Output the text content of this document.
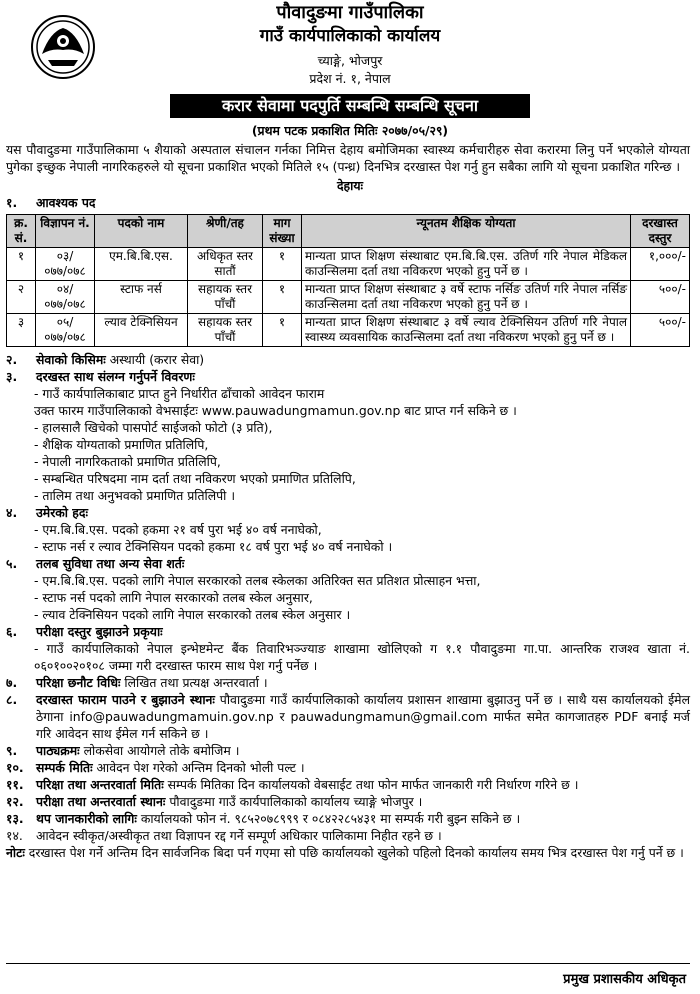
पौवादुङमा गाउँपालिका
गाउँ कार्यपालिकाको कार्यालय
च्याङ्गे, भोजपुर
प्रदेश नं. १, नेपाल
करार सेवामा पदपुर्ति सम्बन्धि सम्बन्धि सूचना
(प्रथम पटक प्रकाशित मितिः २०७७/०५/२९)
यस पौवादुङमा गाउँपालिकामा ५ शैयाको अस्पताल संचालन गर्नका निमित्त देहाय बमोजिमका स्वास्थ्य कर्मचारीहरु सेवा करारमा लिनु पर्ने भएकोले योग्यता पुगेका इच्छुक नेपाली नागरिकहरुले यो सूचना प्रकाशित भएको मितिले १५ (पन्ध्र) दिनभित्र दरखास्त पेश गर्नु हुन सबैका लागि यो सूचना प्रकाशित गरिन्छ ।
देहायः
१.	आवश्यक पद
क्र. सं.	विज्ञापन नं.	पदको नाम	श्रेणी/तह	माग संख्या	न्यूनतम शैक्षिक योग्यता	दरखास्त दस्तुर
१	०३/ ०७७/०७८	एम.बि.बि.एस.	अधिकृत स्तर सातौं	१	मान्यता प्राप्त शिक्षण संस्थाबाट एम.बि.बि.एस. उतिर्ण गरि नेपाल मेडिकल काउन्सिलमा दर्ता तथा नविकरण भएको हुनु पर्ने छ ।	१,०००/-
२	०४/ ०७७/०७८	स्टाफ नर्स	सहायक स्तर पाँचौं	१	मान्यता प्राप्त शिक्षण संस्थाबाट ३ वर्षे स्टाफ नर्सिङ उतिर्ण गरि नेपाल नर्सिङ काउन्सिलमा दर्ता तथा नविकरण भएको हुनु पर्ने छ ।	५००/-
३	०५/ ०७७/०७८	ल्याव टेक्निसियन	सहायक स्तर पाँचौं	१	मान्यता प्राप्त शिक्षण संस्थाबाट ३ वर्षे ल्याव टेक्निसियन उतिर्ण गरि नेपाल स्वास्थ्य व्यवसायिक काउन्सिलमा दर्ता तथा नविकरण भएको हुनु पर्ने छ ।	५००/-
२.	सेवाको किसिमः अस्थायी (करार सेवा)
३.	दरखस्त साथ संलग्न गर्नुपर्ने विवरणः
- गाउँ कार्यपालिकाबाट प्राप्त हुने निर्धारीत ढाँचाको आवेदन फाराम
उक्त फारम गाउँपालिकाको वेभसाईटः www.pauwadungmamun.gov.np बाट प्राप्त गर्न सकिने छ ।
- हालसालै खिचेको पासपोर्ट साईजको फोटो (३ प्रति),
- शैक्षिक योग्यताको प्रमाणित प्रतिलिपि,
- नेपाली नागरिकताको प्रमाणित प्रतिलिपि,
- सम्बन्धित परिषदमा नाम दर्ता तथा नविकरण भएको प्रमाणित प्रतिलिपि,
- तालिम तथा अनुभवको प्रमाणित प्रतिलिपी ।
४.	उमेरको हदः
- एम.बि.बि.एस. पदको हकमा २१ वर्ष पुरा भई ४० वर्ष ननाघेको,
- स्टाफ नर्स र ल्याव टेक्निसियन पदको हकमा १८ वर्ष पुरा भई ४० वर्ष ननाघेको ।
५.	तलब सुविधा तथा अन्य सेवा शर्तः
- एम.बि.बि.एस. पदको लागि नेपाल सरकारको तलब स्केलका अतिरिक्त सत प्रतिशत प्रोत्साहन भत्ता,
- स्टाफ नर्स पदको लागि नेपाल सरकारको तलब स्केल अनुसार,
- ल्याव टेक्निसियन पदको लागि नेपाल सरकारको तलब स्केल अनुसार ।
६.	परीक्षा दस्तुर बुझाउने प्रकृयाः
- गाउँ कार्यपालिकाको नेपाल इन्भेष्टमेन्ट बैंक तिवारिभञ्ज्याङ शाखामा खोलिएको ग १.१ पौवादुङमा गा.पा. आन्तरिक राजश्व खाता नं. ०६०१००२०१०८ जम्मा गरी दरखास्त फारम साथ पेश गर्नु पर्नेछ ।
७.	परिक्षा छनौट विधिः लिखित तथा प्रत्यक्ष अन्तरवार्ता ।
८.	दरखास्त फाराम पाउने र बुझाउने स्थानः पौवादुङमा गाउँ कार्यपालिकाको कार्यालय प्रशासन शाखामा बुझाउनु पर्ने छ । साथै यस कार्यालयको ईमेल ठेगाना info@pauwadungmamuin.gov.np र pauwadungmamun@gmail.com मार्फत समेत कागजातहरु PDF बनाई मर्ज गरि आवेदन साथ ईमेल गर्न सकिने छ ।
९.	पाठ्यक्रमः लोकसेवा आयोगले तोके बमोजिम ।
१०.	सम्पर्क मितिः आवेदन पेश गरेको अन्तिम दिनको भोली पल्ट ।
११.	परिक्षा तथा अन्तरवार्ता मितिः सम्पर्क मितिका दिन कार्यालयको वेबसाईट तथा फोन मार्फत जानकारी गरी निर्धारण गरिने छ ।
१२.	परीक्षा तथा अन्तरवार्ता स्थानः पौवादुङमा गाउँ कार्यपालिकाको कार्यालय च्याङ्गे भोजपुर ।
१३.	थप जानकारीको लागिः कार्यालयको फोन नं. ९८५२०७८९९९ र ०८४२२८५४३१ मा सम्पर्क गरी बुझ्न सकिने छ ।
१४.	आवेदन स्वीकृत/अस्वीकृत तथा विज्ञापन रद्द गर्ने सम्पूर्ण अधिकार पालिकामा निहीत रहने छ ।
नोटः दरखास्त पेश गर्ने अन्तिम दिन सार्वजनिक बिदा पर्न गएमा सो पछि कार्यालयको खुलेको पहिलो दिनको कार्यालय समय भित्र दरखास्त पेश गर्नु पर्ने छ ।
प्रमुख प्रशासकीय अधिकृत
